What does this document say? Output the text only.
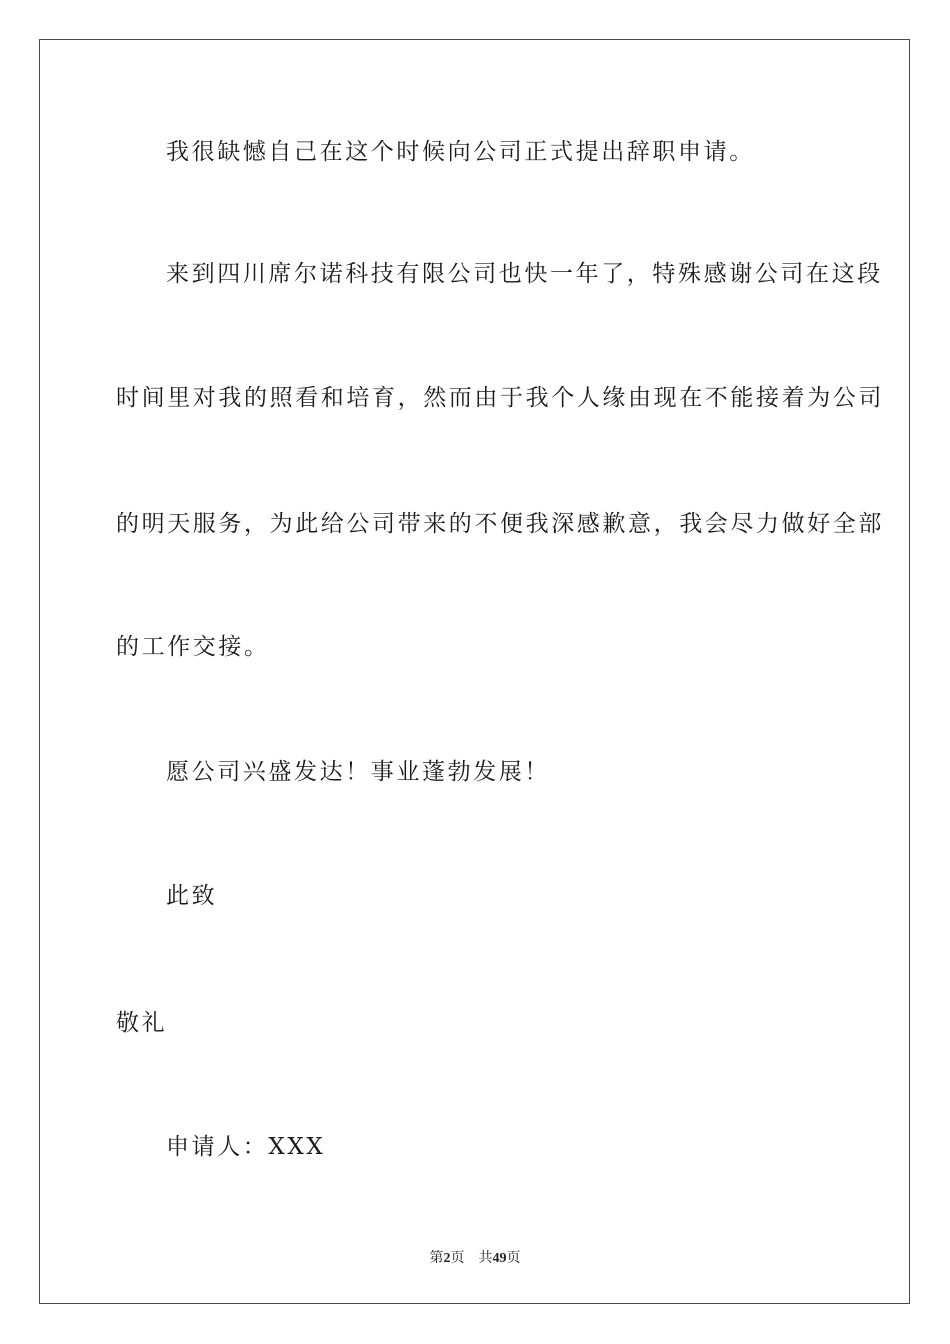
我很缺憾自己在这个时候向公司正式提出辞职申请。
来到四川席尔诺科技有限公司也快一年了，特殊感谢公司在这段
时间里对我的照看和培育，然而由于我个人缘由现在不能接着为公司
的明天服务，为此给公司带来的不便我深感歉意，我会尽力做好全部
的工作交接。
愿公司兴盛发达！事业蓬勃发展！
此致
敬礼
申请人：XXX
第2页 共49页
